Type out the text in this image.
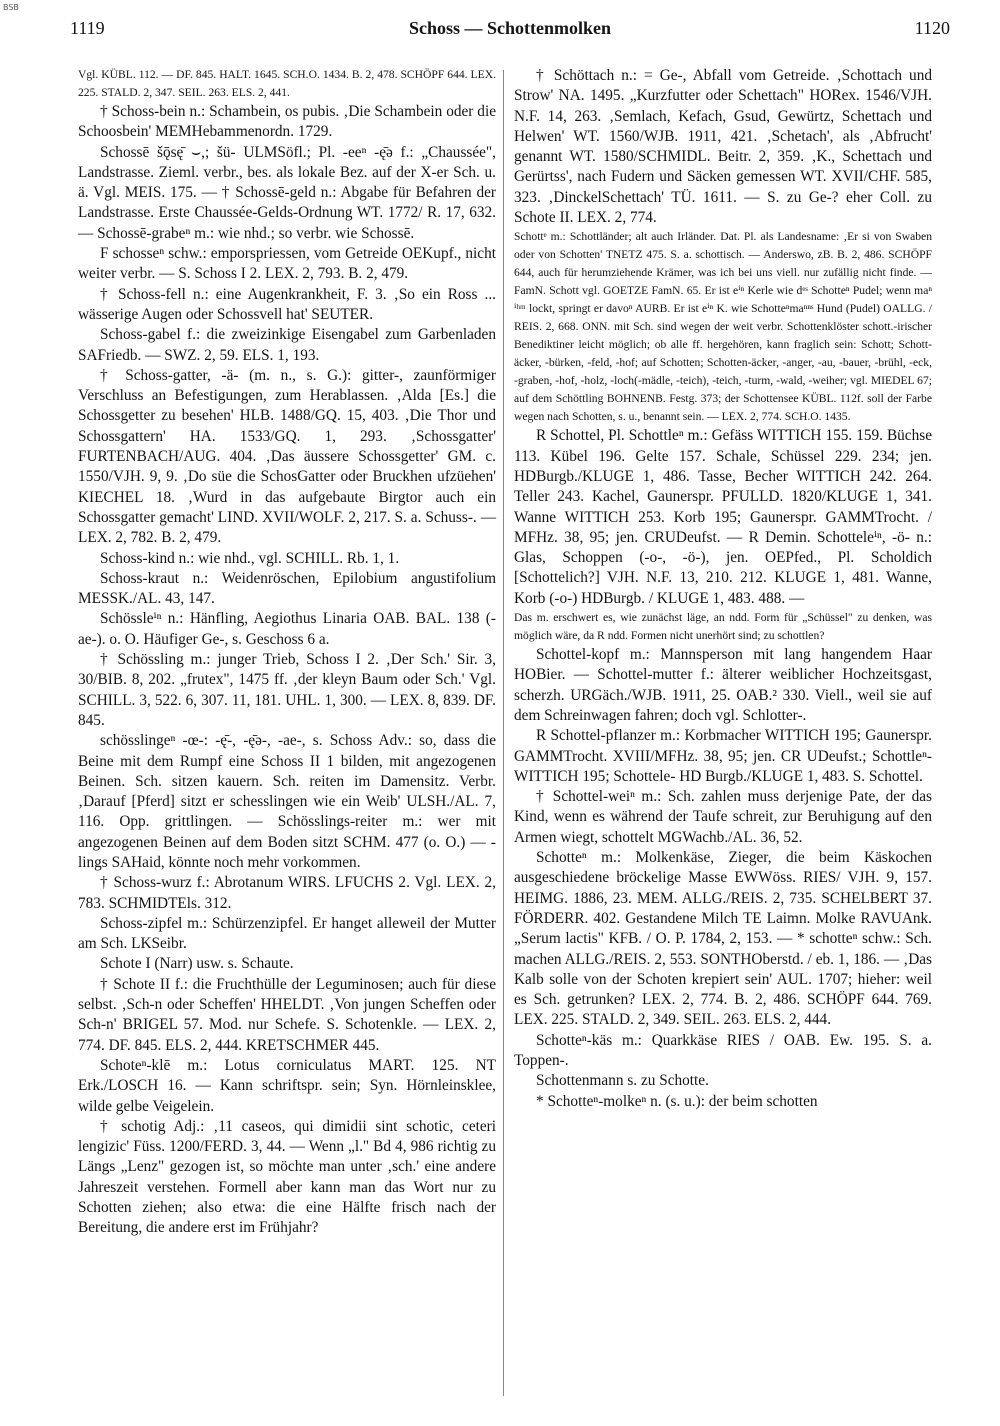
BSB
1119	Schoss — Schottenmolken	1120

Vgl. KÜBL. 112. — DF. 845. HALT. 1645. SCH.O. 1434. B. 2, 478. SCHÖPF 644. LEX. 225. STALD. 2, 347. SEIL. 263. ELS. 2, 441.

† Schoss-bein n.: Schambein, os pubis. ‚Die Schambein oder die Schoosbein' MEMHebammenordn. 1729.

Schossē šǭsę̄ ⌣,; šü- ULMSöfl.; Pl. -eeⁿ -ę̄ə f.: „Chaussée", Landstrasse. Zieml. verbr., bes. als lokale Bez. auf der X-er Sch. u. ä. Vgl. MEIS. 175. — † Schossē-geld n.: Abgabe für Befahren der Landstrasse. Erste Chaussée-Gelds-Ordnung WT. 1772/ R. 17, 632. — Schossē-grabeⁿ m.: wie nhd.; so verbr. wie Schossē.

F schosseⁿ schw.: emporspriessen, vom Getreide OEKupf., nicht weiter verbr. — S. Schoss I 2. LEX. 2, 793. B. 2, 479.

† Schoss-fell n.: eine Augenkrankheit, F. 3. ‚So ein Ross ... wässerige Augen oder Schossvell hat' SEUTER.

Schoss-gabel f.: die zweizinkige Eisengabel zum Garbenladen SAFriedb. — SWZ. 2, 59. ELS. 1, 193.

† Schoss-gatter, -ä- (m. n., s. G.): gitter-, zaunförmiger Verschluss an Befestigungen, zum Herablassen. ‚Alda [Es.] die Schossgetter zu besehen' HLB. 1488/GQ. 15, 403. ‚Die Thor und Schossgattern' HA. 1533/GQ. 1, 293. ‚Schossgatter' FURTENBACH/AUG. 404. ‚Das äussere Schossgetter' GM. c. 1550/VJH. 9, 9. ‚Do süe die SchosGatter oder Bruckhen ufzüehen' KIECHEL 18. ‚Wurd in das aufgebaute Birgtor auch ein Schossgatter gemacht' LIND. XVII/WOLF. 2, 217. S. a. Schuss-. — LEX. 2, 782. B. 2, 479.

Schoss-kind n.: wie nhd., vgl. SCHILL. Rb. 1, 1.

Schoss-kraut n.: Weidenröschen, Epilobium angustifolium MESSK./AL. 43, 147.

Schössleⁱⁿ n.: Hänfling, Aegiothus Linaria OAB. BAL. 138 (-ae-). o. O. Häufiger Ge-, s. Geschoss 6 a.

† Schössling m.: junger Trieb, Schoss I 2. ‚Der Sch.' Sir. 3, 30/BIB. 8, 202. „frutex", 1475 ff. ‚der kleyn Baum oder Sch.' Vgl. SCHILL. 3, 522. 6, 307. 11, 181. UHL. 1, 300. — LEX. 8, 839. DF. 845.

schösslingeⁿ -œ-: -ę̄-, -ę̄ə-, -ae-, s. Schoss Adv.: so, dass die Beine mit dem Rumpf eine Schoss II 1 bilden, mit angezogenen Beinen. Sch. sitzen kauern. Sch. reiten im Damensitz. Verbr. ‚Darauf [Pferd] sitzt er schesslingen wie ein Weib' ULSH./AL. 7, 116. Opp. grittlingen. — Schösslings-reiter m.: wer mit angezogenen Beinen auf dem Boden sitzt SCHM. 477 (o. O.) — -lings SAHaid, könnte noch mehr vorkommen.

† Schoss-wurz f.: Abrotanum WIRS. LFUCHS 2. Vgl. LEX. 2, 783. SCHMIDTEls. 312.

Schoss-zipfel m.: Schürzenzipfel. Er hanget alleweil der Mutter am Sch. LKSeibr.

Schote I (Narr) usw. s. Schaute.

† Schote II f.: die Fruchthülle der Leguminosen; auch für diese selbst. ‚Sch-n oder Scheffen' HHELDT. ‚Von jungen Scheffen oder Sch-n' BRIGEL 57. Mod. nur Schefe. S. Schotenkle. — LEX. 2, 774. DF. 845. ELS. 2, 444. KRETSCHMER 445.

Schoteⁿ-klē m.: Lotus corniculatus MART. 125. NT Erk./LOSCH 16. — Kann schriftspr. sein; Syn. Hörnleinsklee, wilde gelbe Veigelein.

† schotig Adj.: ‚11 caseos, qui dimidii sint schotic, ceteri lengizic' Füss. 1200/FERD. 3, 44. — Wenn „l." Bd 4, 986 richtig zu Längs „Lenz" gezogen ist, so möchte man unter ‚sch.' eine andere Jahreszeit verstehen. Formell aber kann man das Wort nur zu Schotten ziehen; also etwa: die eine Hälfte frisch nach der Bereitung, die andere erst im Frühjahr?

† Schöttach n.: = Ge-, Abfall vom Getreide. ‚Schottach und Strow' NA. 1495. „Kurzfutter oder Schettach" HORex. 1546/VJH. N.F. 14, 263. ‚Semlach, Kefach, Gsud, Gewürtz, Schettach und Helwen' WT. 1560/WJB. 1911, 421. ‚Schetach', als ‚Abfrucht' genannt WT. 1580/SCHMIDL. Beitr. 2, 359. ‚K., Schettach und Gerürtss', nach Fudern und Säcken gemessen WT. XVII/CHF. 585, 323. ‚DinckelSchettach' TÜ. 1611. — S. zu Ge-? eher Coll. zu Schote II. LEX. 2, 774.

Schottᵉ m.: Schottländer; alt auch Irländer. Dat. Pl. als Landesname: ‚Er si von Swaben oder von Schotten' TNETZ 475. S. a. schottisch. — Anderswo, zB. B. 2, 486. SCHÖPF 644, auch für herumziehende Krämer, was ich bei uns viell. nur zufällig nicht finde. — FamN. Schott vgl. GOETZE FamN. 65. Er ist eⁱⁿ Kerle wie dᵉˢ Schotteⁿ Pudel; wenn maⁿ ⁱʰᵐ lockt, springt er davoⁿ AURB. Er ist eⁱⁿ K. wie Schotteⁿmaⁿⁿˢ Hund (Pudel) OALLG. / REIS. 2, 668. ONN. mit Sch. sind wegen der weit verbr. Schottenklöster schott.-irischer Benediktiner leicht möglich; ob alle ff. hergehören, kann fraglich sein: Schott; Schott-äcker, -bürken, -feld, -hof; auf Schotten; Schotten-äcker, -anger, -au, -bauer, -brühl, -eck, -graben, -hof, -holz, -loch(-mädle, -teich), -teich, -turm, -wald, -weiher; vgl. MIEDEL 67; auf dem Schöttling BOHNENB. Festg. 373; der Schottensee KÜBL. 112f. soll der Farbe wegen nach Schotten, s. u., benannt sein. — LEX. 2, 774. SCH.O. 1435.

R Schottel, Pl. Schottleⁿ m.: Gefäss WITTICH 155. 159. Büchse 113. Kübel 196. Gelte 157. Schale, Schüssel 229. 234; jen. HDBurgb./KLUGE 1, 486. Tasse, Becher WITTICH 242. 264. Teller 243. Kachel, Gaunerspr. PFULLD. 1820/KLUGE 1, 341. Wanne WITTICH 253. Korb 195; Gaunerspr. GAMMTrocht. / MFHz. 38, 95; jen. CRUDeufst. — R Demin. Schotteleⁱⁿ, -ö- n.: Glas, Schoppen (-o-, -ö-), jen. OEPfed., Pl. Scholdich [Schottelich?] VJH. N.F. 13, 210. 212. KLUGE 1, 481. Wanne, Korb (-o-) HDBurgb. / KLUGE 1, 483. 488. —

Das m. erschwert es, wie zunächst läge, an ndd. Form für „Schüssel" zu denken, was möglich wäre, da R ndd. Formen nicht unerhört sind; zu schottlen?

Schottel-kopf m.: Mannsperson mit lang hangendem Haar HOBier. — Schottel-mutter f.: älterer weiblicher Hochzeitsgast, scherzh. URGäch./WJB. 1911, 25. OAB.² 330. Viell., weil sie auf dem Schreinwagen fahren; doch vgl. Schlotter-.

R Schottel-pflanzer m.: Korbmacher WITTICH 195; Gaunerspr. GAMMTrocht. XVIII/MFHz. 38, 95; jen. CR UDeufst.; Schottleⁿ- WITTICH 195; Schottele- HD Burgb./KLUGE 1, 483. S. Schottel.

† Schottel-weiⁿ m.: Sch. zahlen muss derjenige Pate, der das Kind, wenn es während der Taufe schreit, zur Beruhigung auf den Armen wiegt, schottelt MGWachb./AL. 36, 52.

Schotteⁿ m.: Molkenkäse, Zieger, die beim Käskochen ausgeschiedene bröckelige Masse EWWöss. RIES/ VJH. 9, 157. HEIMG. 1886, 23. MEM. ALLG./REIS. 2, 735. SCHELBERT 37. FÖRDERR. 402. Gestandene Milch TE Laimn. Molke RAVUAnk. „Serum lactis" KFB. / O. P. 1784, 2, 153. — * schotteⁿ schw.: Sch. machen ALLG./REIS. 2, 553. SONTHOberstd. / eb. 1, 186. — ‚Das Kalb solle von der Schoten krepiert sein' AUL. 1707; hieher: weil es Sch. getrunken? LEX. 2, 774. B. 2, 486. SCHÖPF 644. 769. LEX. 225. STALD. 2, 349. SEIL. 263. ELS. 2, 444.

Schotteⁿ-käs m.: Quarkkäse RIES / OAB. Ew. 195. S. a. Toppen-.

Schottenmann s. zu Schotte.

* Schotteⁿ-molkeⁿ n. (s. u.): der beim schotten
